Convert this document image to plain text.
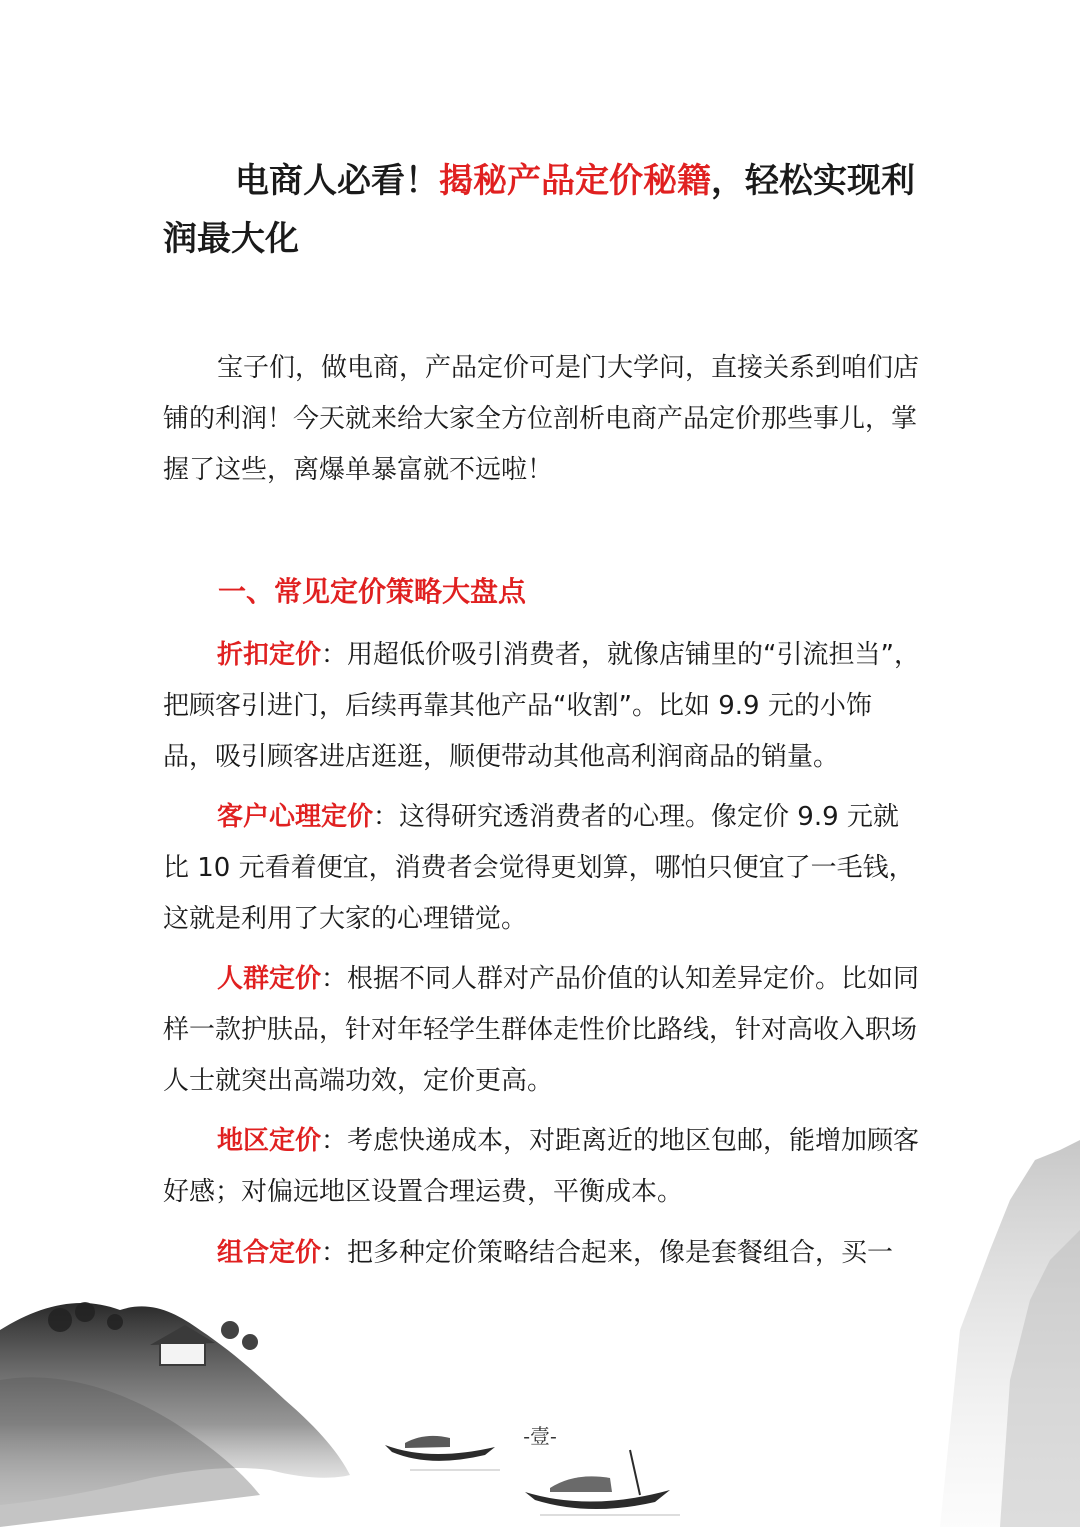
电商人必看！揭秘产品定价秘籍，轻松实现利润最大化
宝子们，做电商，产品定价可是门大学问，直接关系到咱们店铺的利润！今天就来给大家全方位剖析电商产品定价那些事儿，掌握了这些，离爆单暴富就不远啦！
一、常见定价策略大盘点
折扣定价：用超低价吸引消费者，就像店铺里的“引流担当”，把顾客引进门，后续再靠其他产品“收割”。比如 9.9 元的小饰品，吸引顾客进店逛逛，顺便带动其他高利润商品的销量。
客户心理定价：这得研究透消费者的心理。像定价 9.9 元就比 10 元看着便宜，消费者会觉得更划算，哪怕只便宜了一毛钱，这就是利用了大家的心理错觉。
人群定价：根据不同人群对产品价值的认知差异定价。比如同样一款护肤品，针对年轻学生群体走性价比路线，针对高收入职场人士就突出高端功效，定价更高。
地区定价：考虑快递成本，对距离近的地区包邮，能增加顾客好感；对偏远地区设置合理运费，平衡成本。
组合定价：把多种定价策略结合起来，像是套餐组合，买一
-壹-
